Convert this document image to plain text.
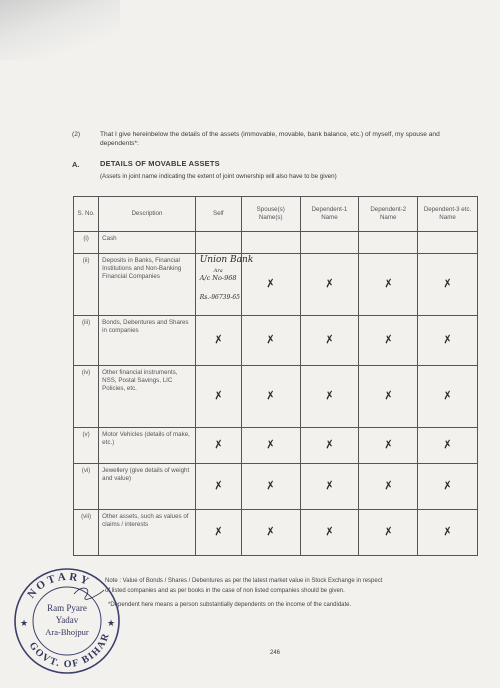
(2)	That I give hereinbelow the details of the assets (immovable, movable, bank balance, etc.) of myself, my spouse and dependents*:
A.	DETAILS OF MOVABLE ASSETS
(Assets in joint name indicating the extent of joint ownership will also have to be given)
S. No.	Description	Self	Spouse(s) Name(s)	Dependent-1 Name	Dependent-2 Name	Dependent-3 etc. Name
(i)	Cash					
(ii)	Deposits in Banks, Financial Institutions and Non-Banking Financial Companies	Union Bank
Ara
A/c No-968
Rs.-96739-65	✗	✗	✗	✗
(iii)	Bonds, Debentures and Shares in companies	✗	✗	✗	✗	✗
(iv)	Other financial instruments, NSS, Postal Savings, LIC Policies, etc.	✗	✗	✗	✗	✗
(v)	Motor Vehicles (details of make, etc.)	✗	✗	✗	✗	✗
(vi)	Jewellery (give details of weight and value)	✗	✗	✗	✗	✗
(vii)	Other assets, such as values of claims / interests	✗	✗	✗	✗	✗
Note : Value of Bonds / Shares / Debentures as per the latest market value in Stock Exchange in respect
of listed companies and as per books in the case of non listed companies should be given.
*Dependent here means a person substantially dependents on the income of the candidate.
246
NOTARY
GOVT. OF BIHAR
Ram Pyare
Yadav
Ara-Bhojpur
★	★
